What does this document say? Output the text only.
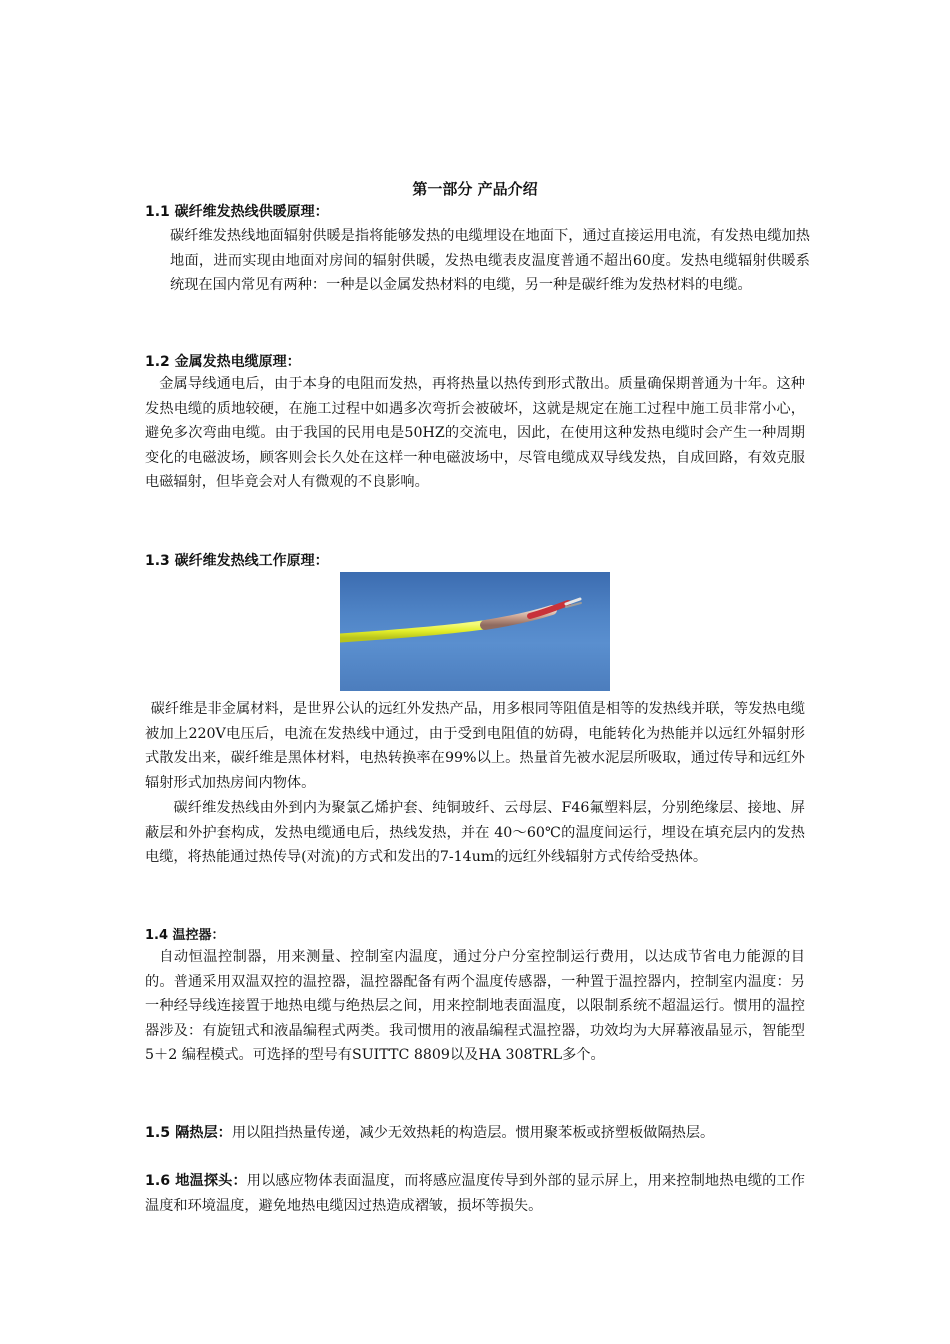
第一部分 产品介绍
1.1 碳纤维发热线供暖原理：
碳纤维发热线地面辐射供暖是指将能够发热的电缆埋设在地面下，通过直接运用电流，有发热电缆加热地面，进而实现由地面对房间的辐射供暖，发热电缆表皮温度普通不超出60度。发热电缆辐射供暖系统现在国内常见有两种：一种是以金属发热材料的电缆，另一种是碳纤维为发热材料的电缆。
1.2 金属发热电缆原理：
金属导线通电后，由于本身的电阻而发热，再将热量以热传到形式散出。质量确保期普通为十年。这种发热电缆的质地较硬，在施工过程中如遇多次弯折会被破坏，这就是规定在施工过程中施工员非常小心，避免多次弯曲电缆。由于我国的民用电是50HZ的交流电，因此，在使用这种发热电缆时会产生一种周期变化的电磁波场，顾客则会长久处在这样一种电磁波场中，尽管电缆成双导线发热，自成回路，有效克服电磁辐射，但毕竟会对人有微观的不良影响。
1.3 碳纤维发热线工作原理：
碳纤维是非金属材料，是世界公认的远红外发热产品，用多根同等阻值是相等的发热线并联，等发热电缆被加上220V电压后，电流在发热线中通过，由于受到电阻值的妨碍，电能转化为热能并以远红外辐射形式散发出来，碳纤维是黑体材料，电热转换率在99%以上。热量首先被水泥层所吸取，通过传导和远红外辐射形式加热房间内物体。
碳纤维发热线由外到内为聚氯乙烯护套、纯铜玻纤、云母层、F46氟塑料层，分别绝缘层、接地、屏蔽层和外护套构成，发热电缆通电后，热线发热，并在 40～60℃的温度间运行，埋设在填充层内的发热电缆，将热能通过热传导(对流)的方式和发出的7-14um的远红外线辐射方式传给受热体。
1.4 温控器：
自动恒温控制器，用来测量、控制室内温度，通过分户分室控制运行费用，以达成节省电力能源的目的。普通采用双温双控的温控器，温控器配备有两个温度传感器，一种置于温控器内，控制室内温度：另一种经导线连接置于地热电缆与绝热层之间，用来控制地表面温度，以限制系统不超温运行。惯用的温控器涉及：有旋钮式和液晶编程式两类。我司惯用的液晶编程式温控器，功效均为大屏幕液晶显示，智能型 5＋2 编程模式。可选择的型号有SUITTC 8809以及HA 308TRL多个。
1.5 隔热层：用以阻挡热量传递，减少无效热耗的构造层。惯用聚苯板或挤塑板做隔热层。
1.6 地温探头：用以感应物体表面温度，而将感应温度传导到外部的显示屏上，用来控制地热电缆的工作温度和环境温度，避免地热电缆因过热造成褶皱，损坏等损失。
